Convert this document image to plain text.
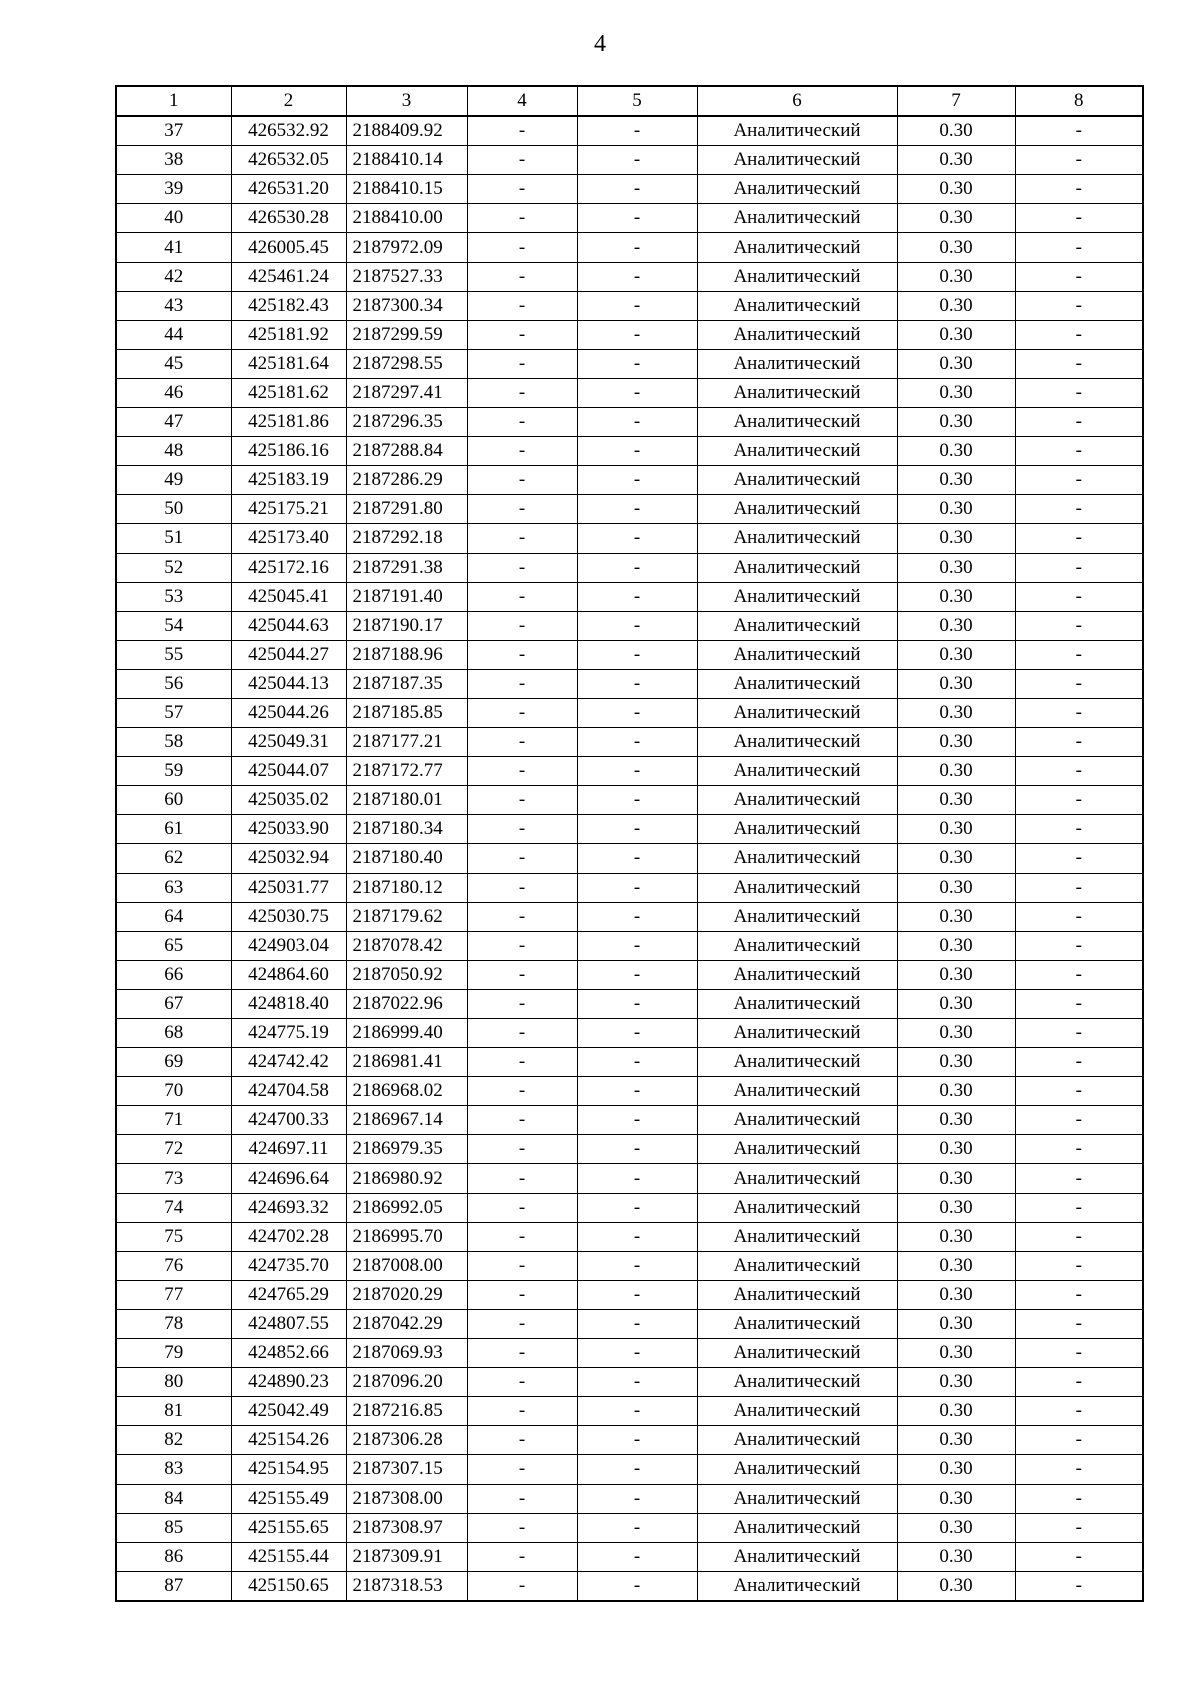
4
1	2	3	4	5	6	7	8
37	426532.92	2188409.92	-	-	Аналитический	0.30	-
38	426532.05	2188410.14	-	-	Аналитический	0.30	-
39	426531.20	2188410.15	-	-	Аналитический	0.30	-
40	426530.28	2188410.00	-	-	Аналитический	0.30	-
41	426005.45	2187972.09	-	-	Аналитический	0.30	-
42	425461.24	2187527.33	-	-	Аналитический	0.30	-
43	425182.43	2187300.34	-	-	Аналитический	0.30	-
44	425181.92	2187299.59	-	-	Аналитический	0.30	-
45	425181.64	2187298.55	-	-	Аналитический	0.30	-
46	425181.62	2187297.41	-	-	Аналитический	0.30	-
47	425181.86	2187296.35	-	-	Аналитический	0.30	-
48	425186.16	2187288.84	-	-	Аналитический	0.30	-
49	425183.19	2187286.29	-	-	Аналитический	0.30	-
50	425175.21	2187291.80	-	-	Аналитический	0.30	-
51	425173.40	2187292.18	-	-	Аналитический	0.30	-
52	425172.16	2187291.38	-	-	Аналитический	0.30	-
53	425045.41	2187191.40	-	-	Аналитический	0.30	-
54	425044.63	2187190.17	-	-	Аналитический	0.30	-
55	425044.27	2187188.96	-	-	Аналитический	0.30	-
56	425044.13	2187187.35	-	-	Аналитический	0.30	-
57	425044.26	2187185.85	-	-	Аналитический	0.30	-
58	425049.31	2187177.21	-	-	Аналитический	0.30	-
59	425044.07	2187172.77	-	-	Аналитический	0.30	-
60	425035.02	2187180.01	-	-	Аналитический	0.30	-
61	425033.90	2187180.34	-	-	Аналитический	0.30	-
62	425032.94	2187180.40	-	-	Аналитический	0.30	-
63	425031.77	2187180.12	-	-	Аналитический	0.30	-
64	425030.75	2187179.62	-	-	Аналитический	0.30	-
65	424903.04	2187078.42	-	-	Аналитический	0.30	-
66	424864.60	2187050.92	-	-	Аналитический	0.30	-
67	424818.40	2187022.96	-	-	Аналитический	0.30	-
68	424775.19	2186999.40	-	-	Аналитический	0.30	-
69	424742.42	2186981.41	-	-	Аналитический	0.30	-
70	424704.58	2186968.02	-	-	Аналитический	0.30	-
71	424700.33	2186967.14	-	-	Аналитический	0.30	-
72	424697.11	2186979.35	-	-	Аналитический	0.30	-
73	424696.64	2186980.92	-	-	Аналитический	0.30	-
74	424693.32	2186992.05	-	-	Аналитический	0.30	-
75	424702.28	2186995.70	-	-	Аналитический	0.30	-
76	424735.70	2187008.00	-	-	Аналитический	0.30	-
77	424765.29	2187020.29	-	-	Аналитический	0.30	-
78	424807.55	2187042.29	-	-	Аналитический	0.30	-
79	424852.66	2187069.93	-	-	Аналитический	0.30	-
80	424890.23	2187096.20	-	-	Аналитический	0.30	-
81	425042.49	2187216.85	-	-	Аналитический	0.30	-
82	425154.26	2187306.28	-	-	Аналитический	0.30	-
83	425154.95	2187307.15	-	-	Аналитический	0.30	-
84	425155.49	2187308.00	-	-	Аналитический	0.30	-
85	425155.65	2187308.97	-	-	Аналитический	0.30	-
86	425155.44	2187309.91	-	-	Аналитический	0.30	-
87	425150.65	2187318.53	-	-	Аналитический	0.30	-
